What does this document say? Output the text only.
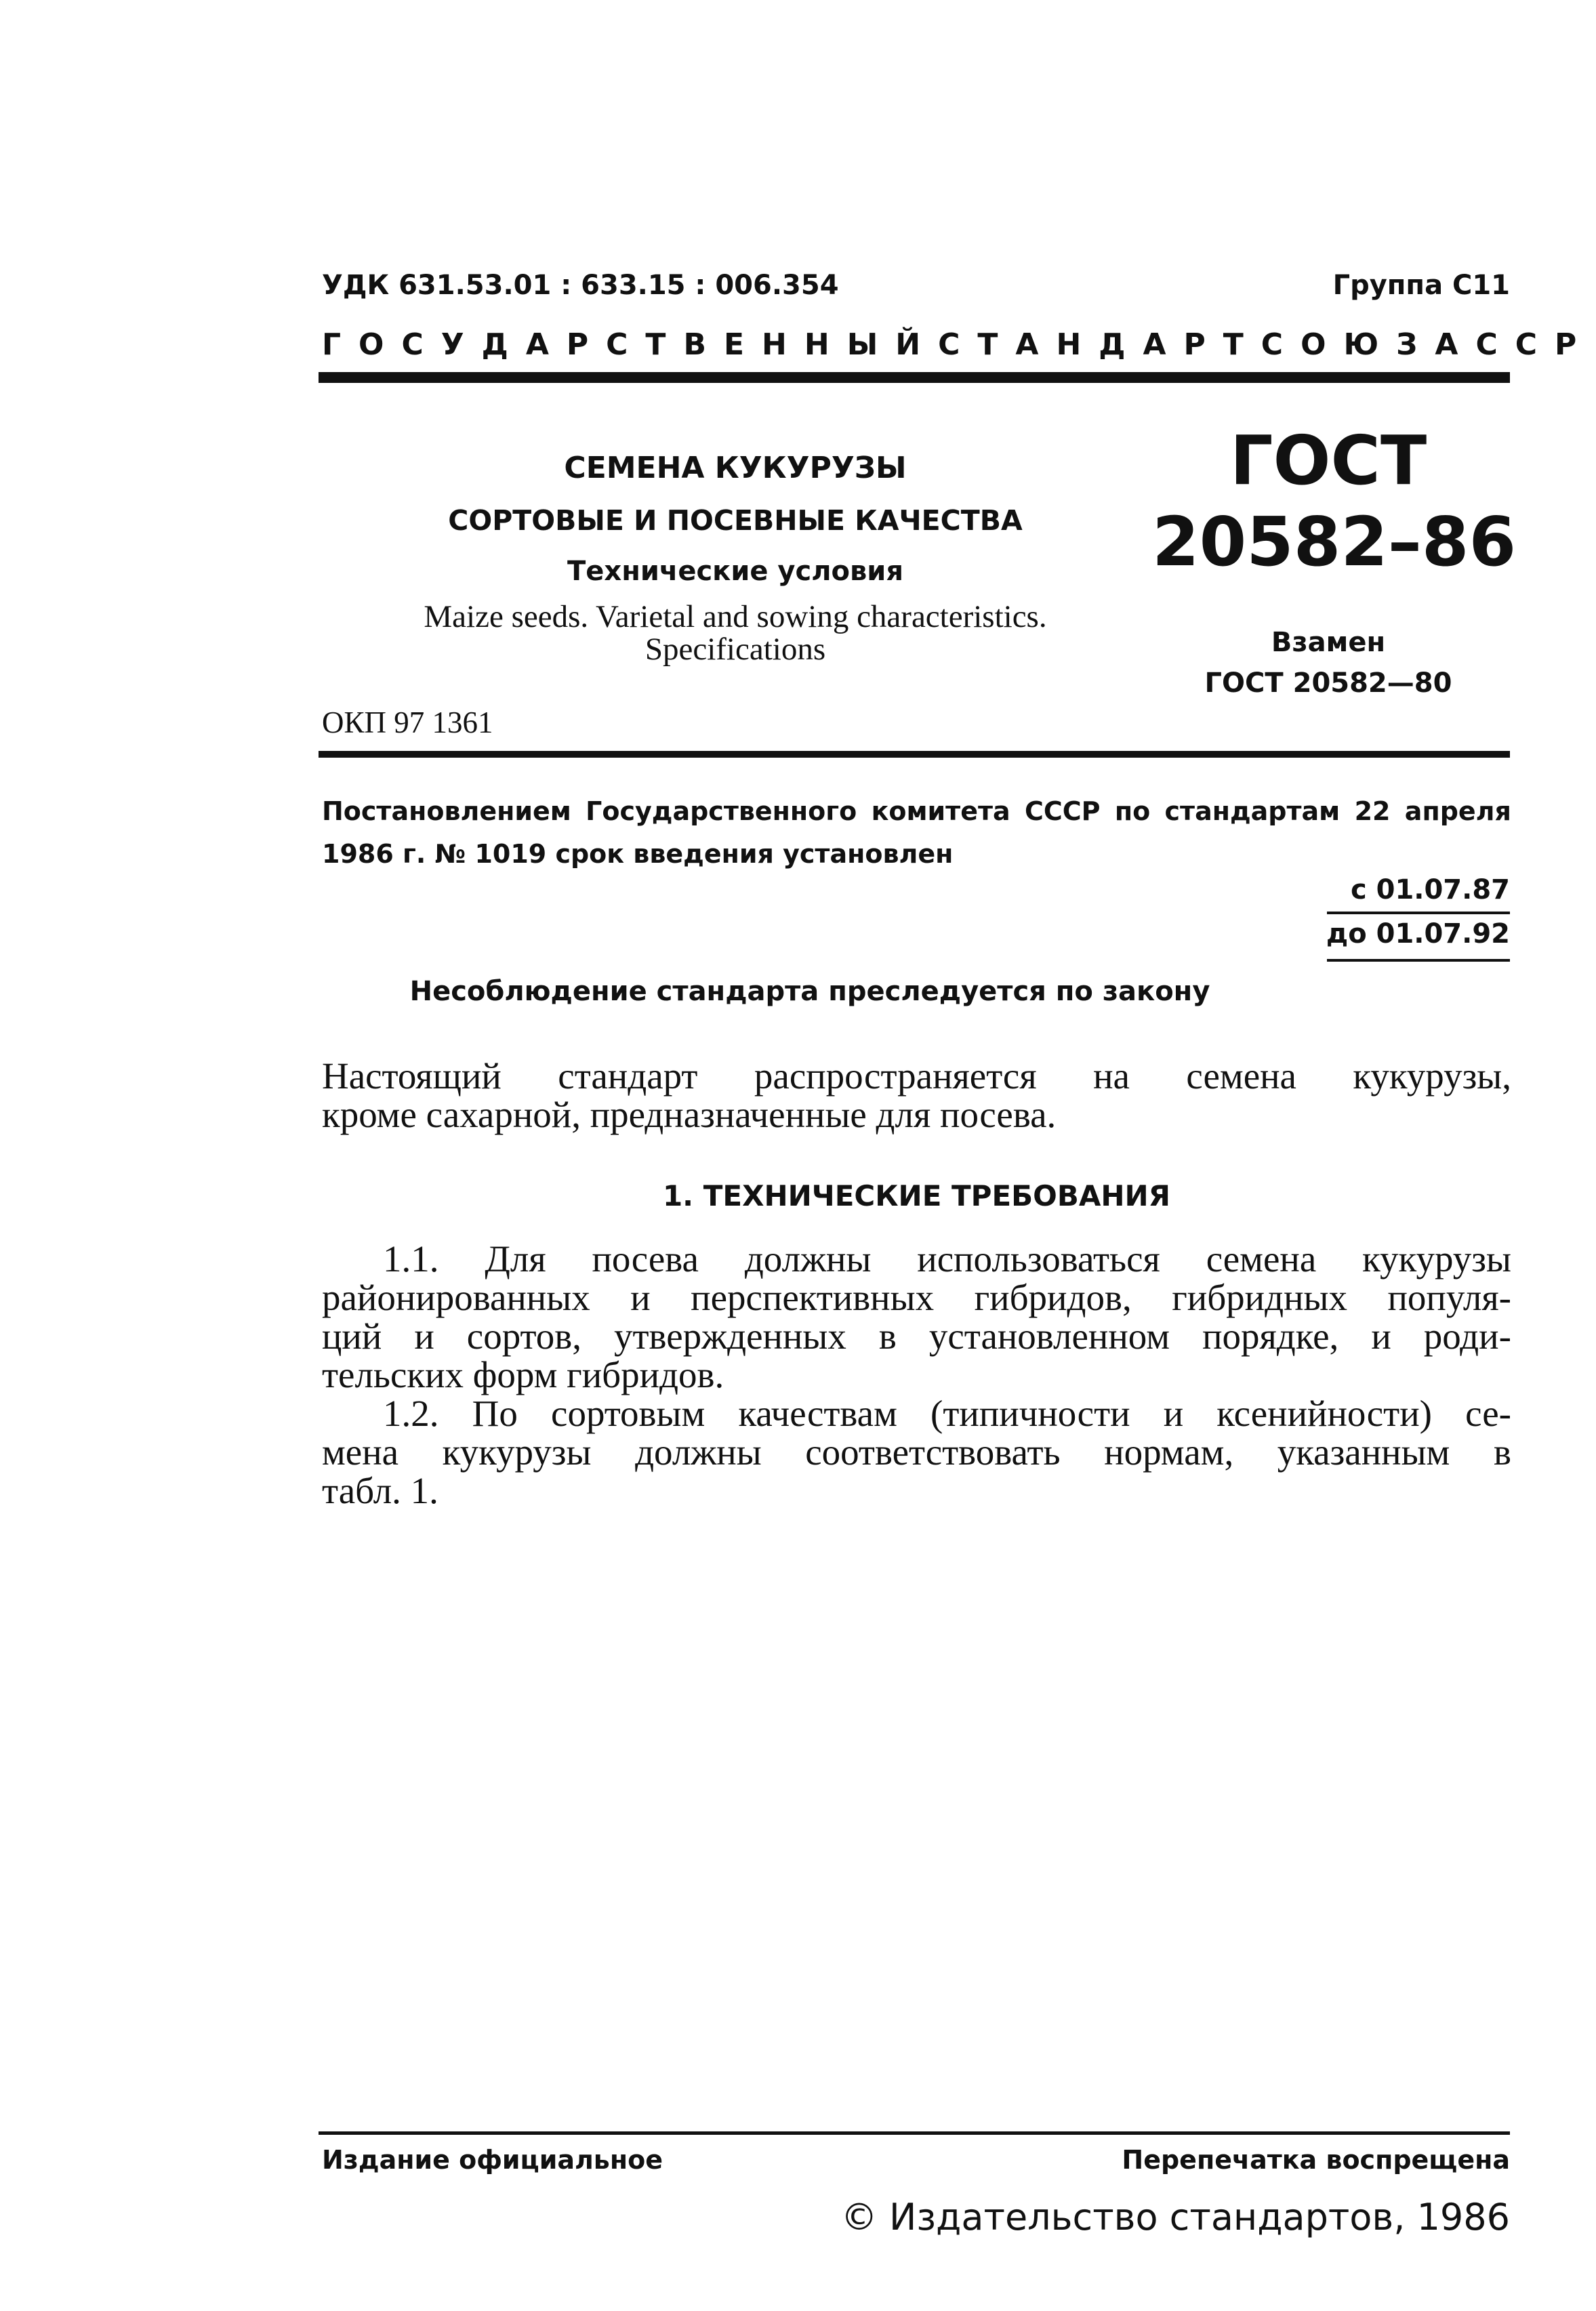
УДК 631.53.01 : 633.15 : 006.354	Группа С11
ГОСУДАРСТВЕННЫЙ СТАНДАРТ СОЮЗА ССР
СЕМЕНА КУКУРУЗЫ
СОРТОВЫЕ И ПОСЕВНЫЕ КАЧЕСТВА
Технические условия
Maize seeds. Varietal and sowing characteristics.
Specifications
ГОСТ
20582–86
Взамен
ГОСТ 20582—80
ОКП 97 1361
Постановлением Государственного комитета СССР по стандартам 22 апреля
1986 г. № 1019 срок введения установлен
с 01.07.87
до 01.07.92
Несоблюдение стандарта преследуется по закону
Настоящий стандарт распространяется на семена кукурузы,
кроме сахарной, предназначенные для посева.
1. ТЕХНИЧЕСКИЕ ТРЕБОВАНИЯ
1.1. Для посева должны использоваться семена кукурузы
районированных и перспективных гибридов, гибридных популя-
ций и сортов, утвержденных в установленном порядке, и роди-
тельских форм гибридов.
1.2. По сортовым качествам (типичности и ксенийности) се-
мена кукурузы должны соответствовать нормам, указанным в
табл. 1.
Издание официальное	Перепечатка воспрещена
© Издательство стандартов, 1986
